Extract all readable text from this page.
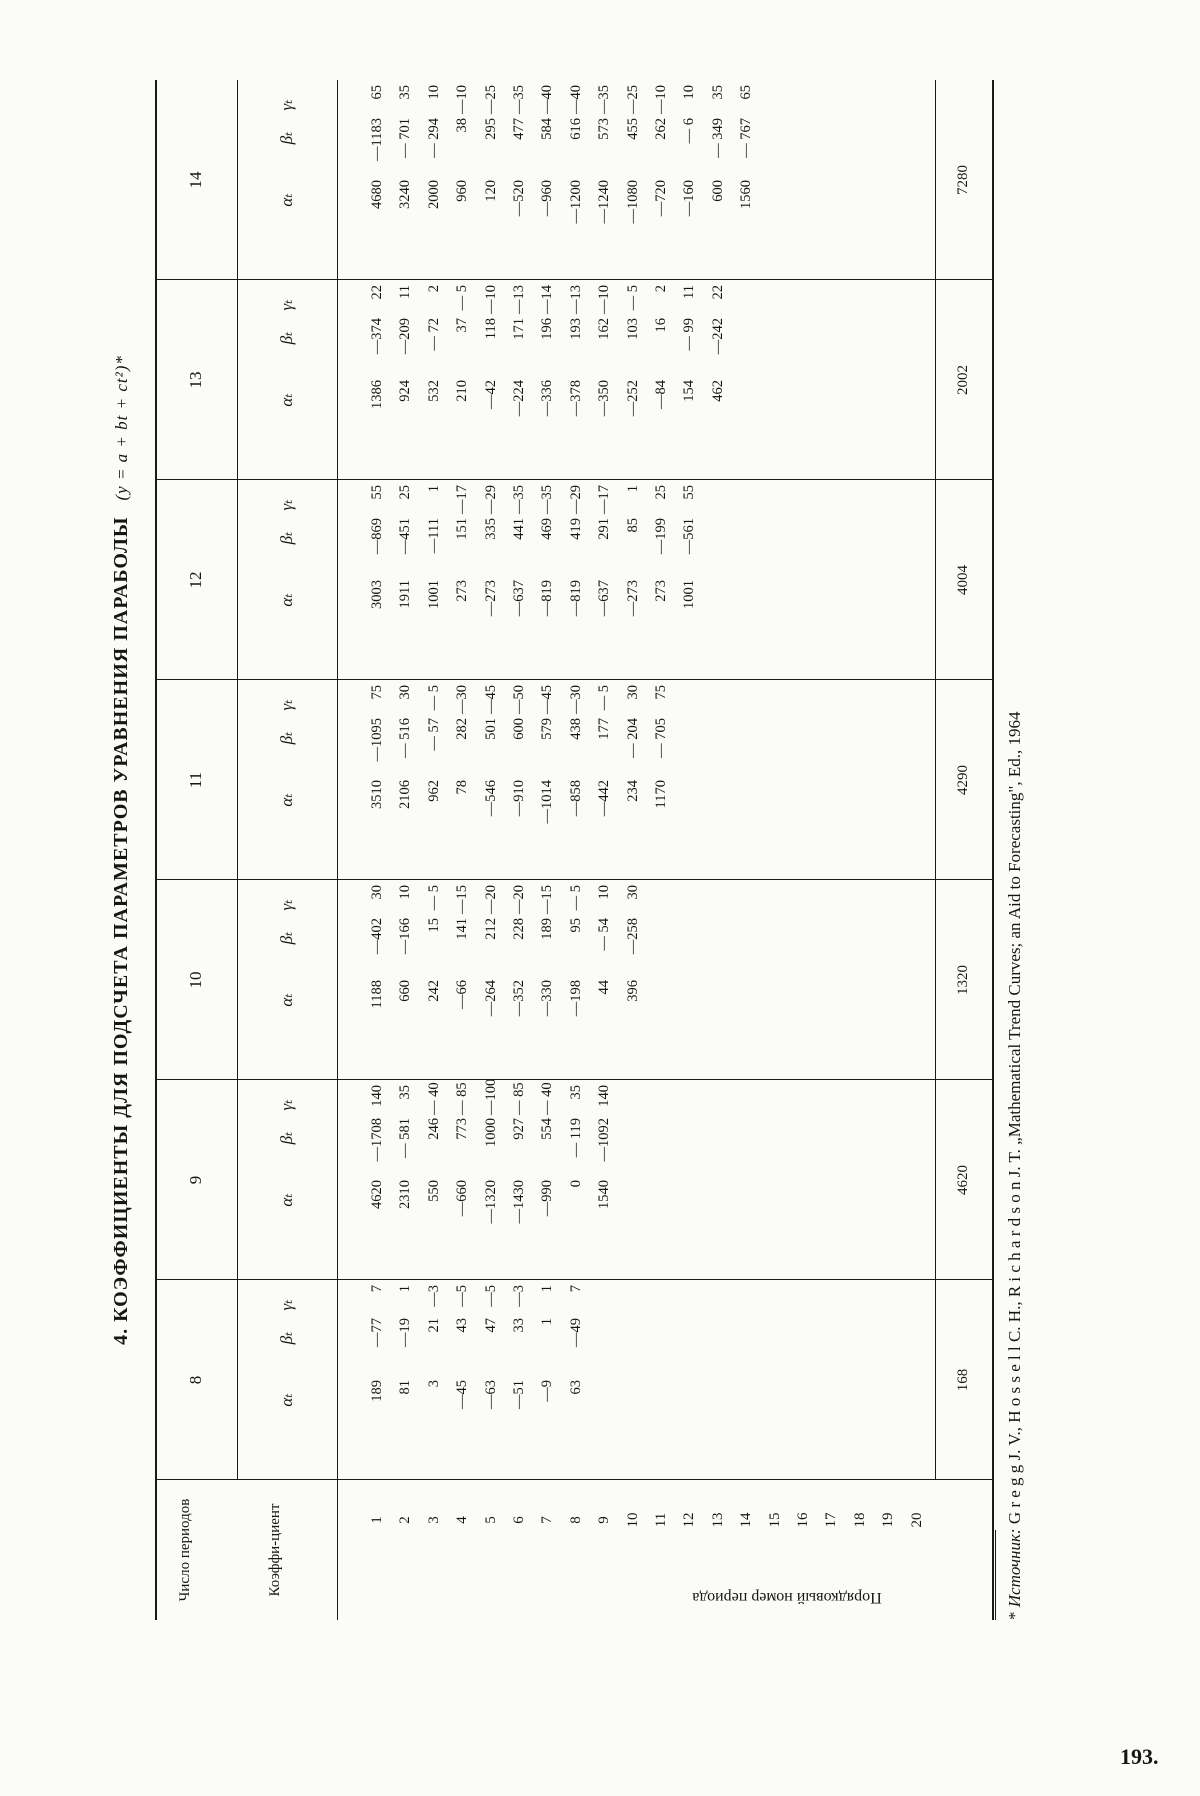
4. КОЭФФИЦИЕНТЫ ДЛЯ ПОДСЧЕТА ПАРАМЕТРОВ УРАВНЕНИЯ ПАРАБОЛЫ (y = a + bt + ct²)*
Число периодов	Коэффи-циент
Порядковый номер периода
1 2 3 4 5 6 7 8 9 10 11 12 13 14 15 16 17 18 19 20
8
αₜ
βₜ
γₜ
189
—77
7
81
—19
1
3
21
—3
—45
43
—5
—63
47
—5
—51
33
—3
—9
1
1
63
—49
7
168
9
αₜ
βₜ
γₜ
4620
—1708
140
2310
— 581
35
550
246
— 40
—660
773
— 85
—1320
1000
—100
—1430
927
— 85
—990
554
— 40
0
— 119
35
1540
—1092
140
4620
10
αₜ
βₜ
γₜ
1188
—402
30
660
—166
10
242
15
— 5
—66
141
—15
—264
212
—20
—352
228
—20
—330
189
—15
—198
95
— 5
44
— 54
10
396
—258
30
1320
11
αₜ
βₜ
γₜ
3510
—1095
75
2106
— 516
30
962
— 57
— 5
78
282
—30
—546
501
—45
—910
600
—50
—1014
579
—45
—858
438
—30
—442
177
— 5
234
— 204
30
1170
— 705
75
4290
12
αₜ
βₜ
γₜ
3003
—869
55
1911
—451
25
1001
—111
1
273
151
—17
—273
335
—29
—637
441
—35
—819
469
—35
—819
419
—29
—637
291
—17
—273
85
1
273
—199
25
1001
—561
55
4004
13
αₜ
βₜ
γₜ
1386
—374
22
924
—209
11
532
— 72
2
210
37
— 5
—42
118
—10
—224
171
—13
—336
196
—14
—378
193
—13
—350
162
—10
—252
103
— 5
—84
16
2
154
— 99
11
462
—242
22
2002
14
αₜ
βₜ
γₜ
4680
—1183
65
3240
— 701
35
2000
— 294
10
960
38
—10
120
295
—25
—520
477
—35
—960
584
—40
—1200
616
—40
—1240
573
—35
—1080
455
—25
—720
262
—10
—160
— 6
10
600
— 349
35
1560
— 767
65
7280
* Источник: G r e g g J. V., H o s s e l l C. H., R i c h a r d s o n J. T. „Mathematical Trend Curves; an Aid to Forecasting", Ed., 1964
193.
